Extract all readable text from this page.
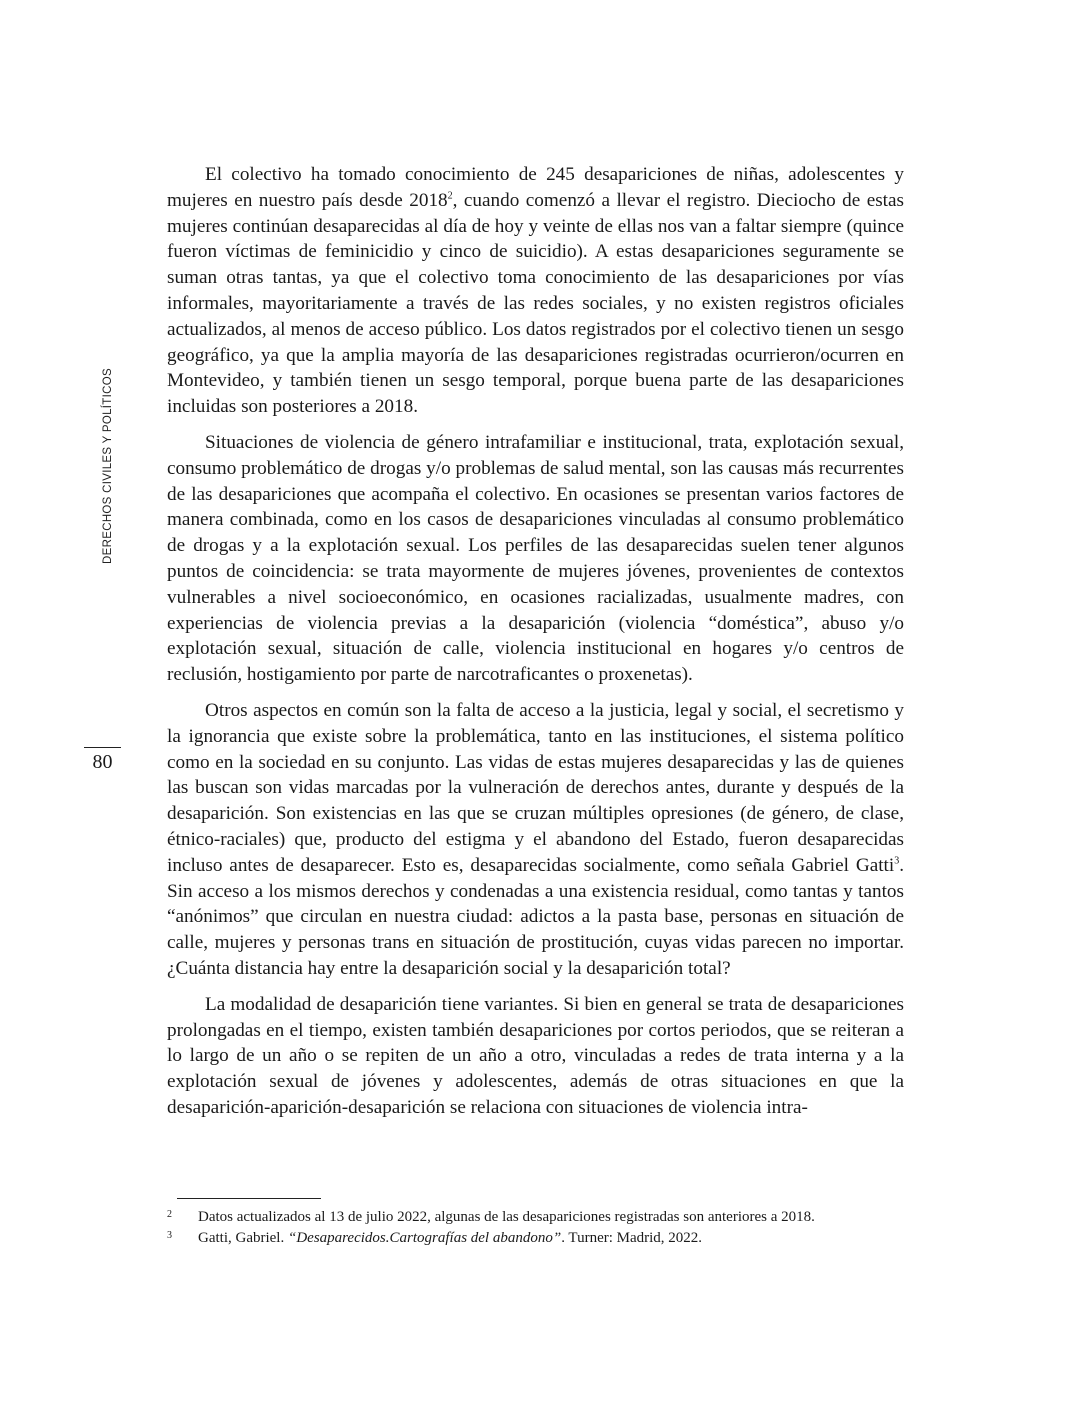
DERECHOS CIVILES Y POLÍTICOS
80

El colectivo ha tomado conocimiento de 245 desapariciones de niñas, adolescentes y mujeres en nuestro país desde 2018$^2$, cuando comenzó a llevar el registro. Dieciocho de estas mujeres continúan desaparecidas al día de hoy y veinte de ellas nos van a faltar siempre (quince fueron víctimas de feminicidio y cinco de suicidio). A estas desapariciones seguramente se suman otras tantas, ya que el colectivo toma conocimiento de las desapariciones por vías informales, mayoritariamente a través de las redes sociales, y no existen registros oficiales actualizados, al menos de acceso público. Los datos registrados por el colectivo tienen un sesgo geográfico, ya que la amplia mayoría de las desapariciones registradas ocurrieron/ocurren en Montevideo, y también tienen un sesgo temporal, porque buena parte de las desapariciones incluidas son posteriores a 2018.

Situaciones de violencia de género intrafamiliar e institucional, trata, explotación sexual, consumo problemático de drogas y/o problemas de salud mental, son las causas más recurrentes de las desapariciones que acompaña el colectivo. En ocasiones se presentan varios factores de manera combinada, como en los casos de desapariciones vinculadas al consumo problemático de drogas y a la explotación sexual. Los perfiles de las desaparecidas suelen tener algunos puntos de coincidencia: se trata mayormente de mujeres jóvenes, provenientes de contextos vulnerables a nivel socioeconómico, en ocasiones racializadas, usualmente madres, con experiencias de violencia previas a la desaparición (violencia “doméstica”, abuso y/o explotación sexual, situación de calle, violencia institucional en hogares y/o centros de reclusión, hostigamiento por parte de narcotraficantes o proxenetas).

Otros aspectos en común son la falta de acceso a la justicia, legal y social, el secretismo y la ignorancia que existe sobre la problemática, tanto en las instituciones, el sistema político como en la sociedad en su conjunto. Las vidas de estas mujeres desaparecidas y las de quienes las buscan son vidas marcadas por la vulneración de derechos antes, durante y después de la desaparición. Son existencias en las que se cruzan múltiples opresiones (de género, de clase, étnico-raciales) que, producto del estigma y el abandono del Estado, fueron desaparecidas incluso antes de desaparecer. Esto es, desaparecidas socialmente, como señala Gabriel Gatti$^3$. Sin acceso a los mismos derechos y condenadas a una existencia residual, como tantas y tantos “anónimos” que circulan en nuestra ciudad: adictos a la pasta base, personas en situación de calle, mujeres y personas trans en situación de prostitución, cuyas vidas parecen no importar. ¿Cuánta distancia hay entre la desaparición social y la desaparición total?

La modalidad de desaparición tiene variantes. Si bien en general se trata de desapariciones prolongadas en el tiempo, existen también desapariciones por cortos periodos, que se reiteran a lo largo de un año o se repiten de un año a otro, vinculadas a redes de trata interna y a la explotación sexual de jóvenes y adolescentes, además de otras situaciones en que la desaparición-aparición-desaparición se relaciona con situaciones de violencia intra-

2 Datos actualizados al 13 de julio 2022, algunas de las desapariciones registradas son anteriores a 2018.
3 Gatti, Gabriel. “Desaparecidos.Cartografías del abandono”. Turner: Madrid, 2022.
